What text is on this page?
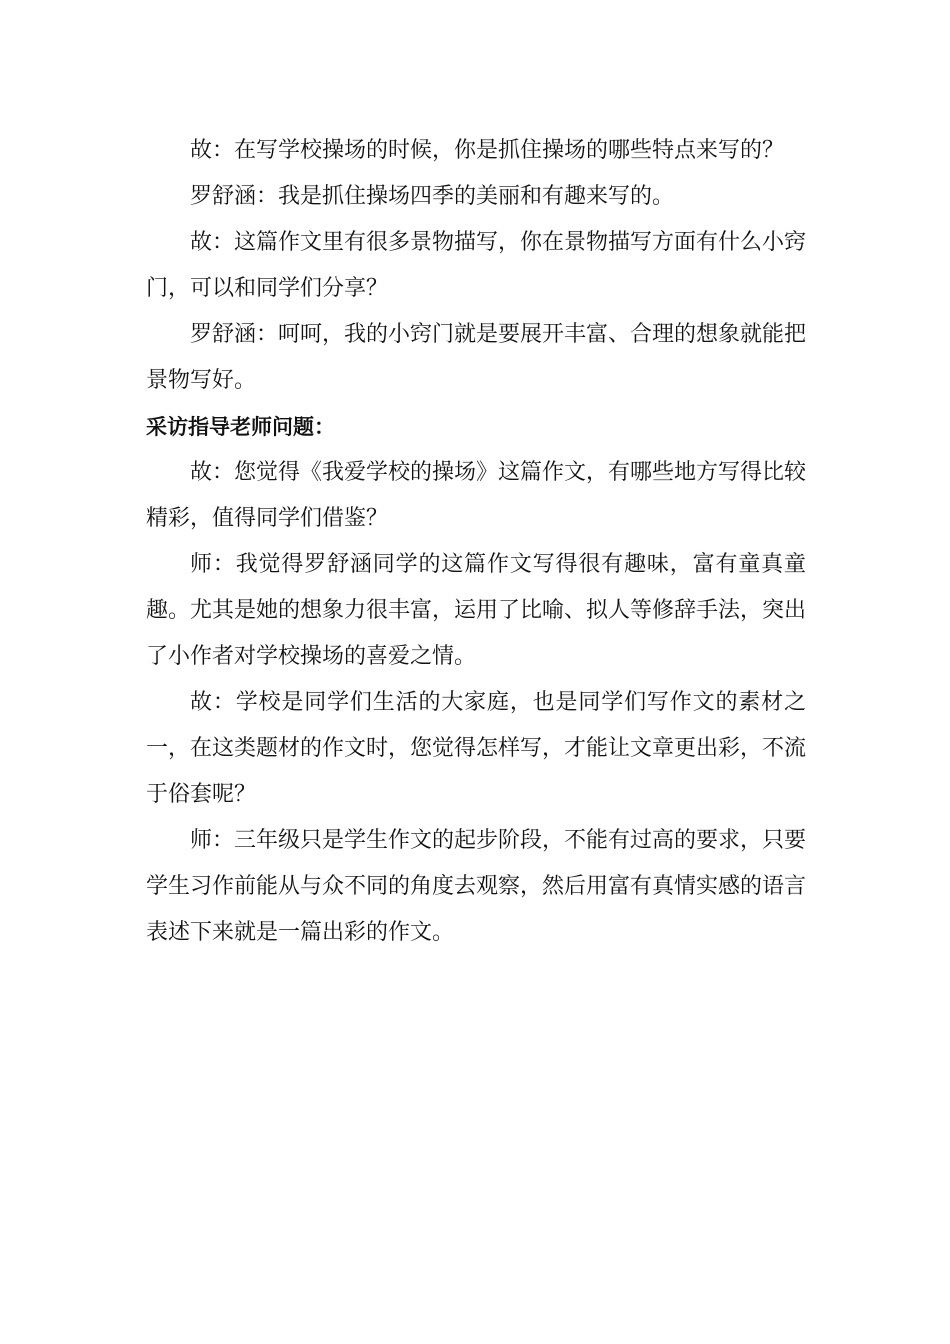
故：在写学校操场的时候，你是抓住操场的哪些特点来写的？

罗舒涵：我是抓住操场四季的美丽和有趣来写的。

故：这篇作文里有很多景物描写，你在景物描写方面有什么小窍门，可以和同学们分享？

罗舒涵：呵呵，我的小窍门就是要展开丰富、合理的想象就能把景物写好。

采访指导老师问题：

故：您觉得《我爱学校的操场》这篇作文，有哪些地方写得比较精彩，值得同学们借鉴？

师：我觉得罗舒涵同学的这篇作文写得很有趣味，富有童真童趣。尤其是她的想象力很丰富，运用了比喻、拟人等修辞手法，突出了小作者对学校操场的喜爱之情。

故：学校是同学们生活的大家庭，也是同学们写作文的素材之一，在这类题材的作文时，您觉得怎样写，才能让文章更出彩，不流于俗套呢？

师：三年级只是学生作文的起步阶段，不能有过高的要求，只要学生习作前能从与众不同的角度去观察，然后用富有真情实感的语言表述下来就是一篇出彩的作文。
